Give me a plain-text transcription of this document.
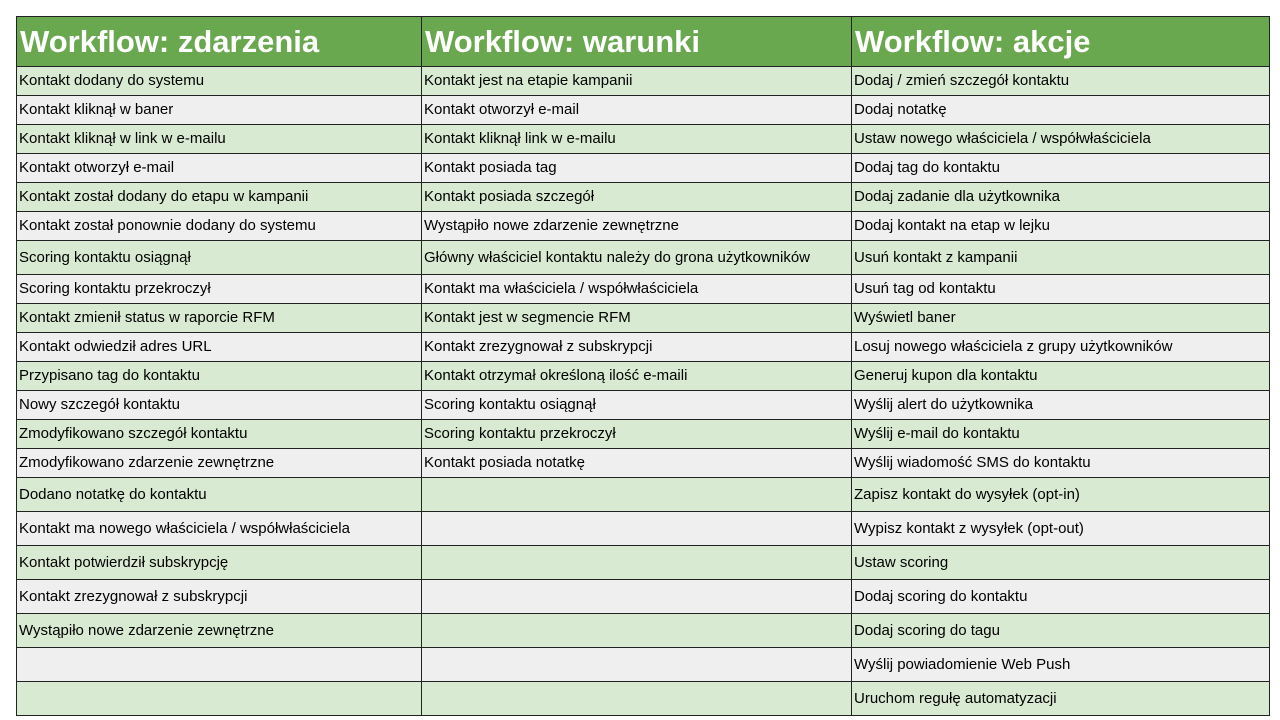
Workflow: zdarzenia	Workflow: warunki	Workflow: akcje
Kontakt dodany do systemu	Kontakt jest na etapie kampanii	Dodaj / zmień szczegół kontaktu
Kontakt kliknął w baner	Kontakt otworzył e-mail	Dodaj notatkę
Kontakt kliknął w link w e-mailu	Kontakt kliknął link w e-mailu	Ustaw nowego właściciela / współwłaściciela
Kontakt otworzył e-mail	Kontakt posiada tag	Dodaj tag do kontaktu
Kontakt został dodany do etapu w kampanii	Kontakt posiada szczegół	Dodaj zadanie dla użytkownika
Kontakt został ponownie dodany do systemu	Wystąpiło nowe zdarzenie zewnętrzne	Dodaj kontakt na etap w lejku
Scoring kontaktu osiągnął	Główny właściciel kontaktu należy do grona użytkowników	Usuń kontakt z kampanii
Scoring kontaktu przekroczył	Kontakt ma właściciela / współwłaściciela	Usuń tag od kontaktu
Kontakt zmienił status w raporcie RFM	Kontakt jest w segmencie RFM	Wyświetl baner
Kontakt odwiedził adres URL	Kontakt zrezygnował z subskrypcji	Losuj nowego właściciela z grupy użytkowników
Przypisano tag do kontaktu	Kontakt otrzymał określoną ilość e-maili	Generuj kupon dla kontaktu
Nowy szczegół kontaktu	Scoring kontaktu osiągnął	Wyślij alert do użytkownika
Zmodyfikowano szczegół kontaktu	Scoring kontaktu przekroczył	Wyślij e-mail do kontaktu
Zmodyfikowano zdarzenie zewnętrzne	Kontakt posiada notatkę	Wyślij wiadomość SMS do kontaktu
Dodano notatkę do kontaktu		Zapisz kontakt do wysyłek (opt-in)
Kontakt ma nowego właściciela / współwłaściciela		Wypisz kontakt z wysyłek (opt-out)
Kontakt potwierdził subskrypcję		Ustaw scoring
Kontakt zrezygnował z subskrypcji		Dodaj scoring do kontaktu
Wystąpiło nowe zdarzenie zewnętrzne		Dodaj scoring do tagu
		Wyślij powiadomienie Web Push
		Uruchom regułę automatyzacji
